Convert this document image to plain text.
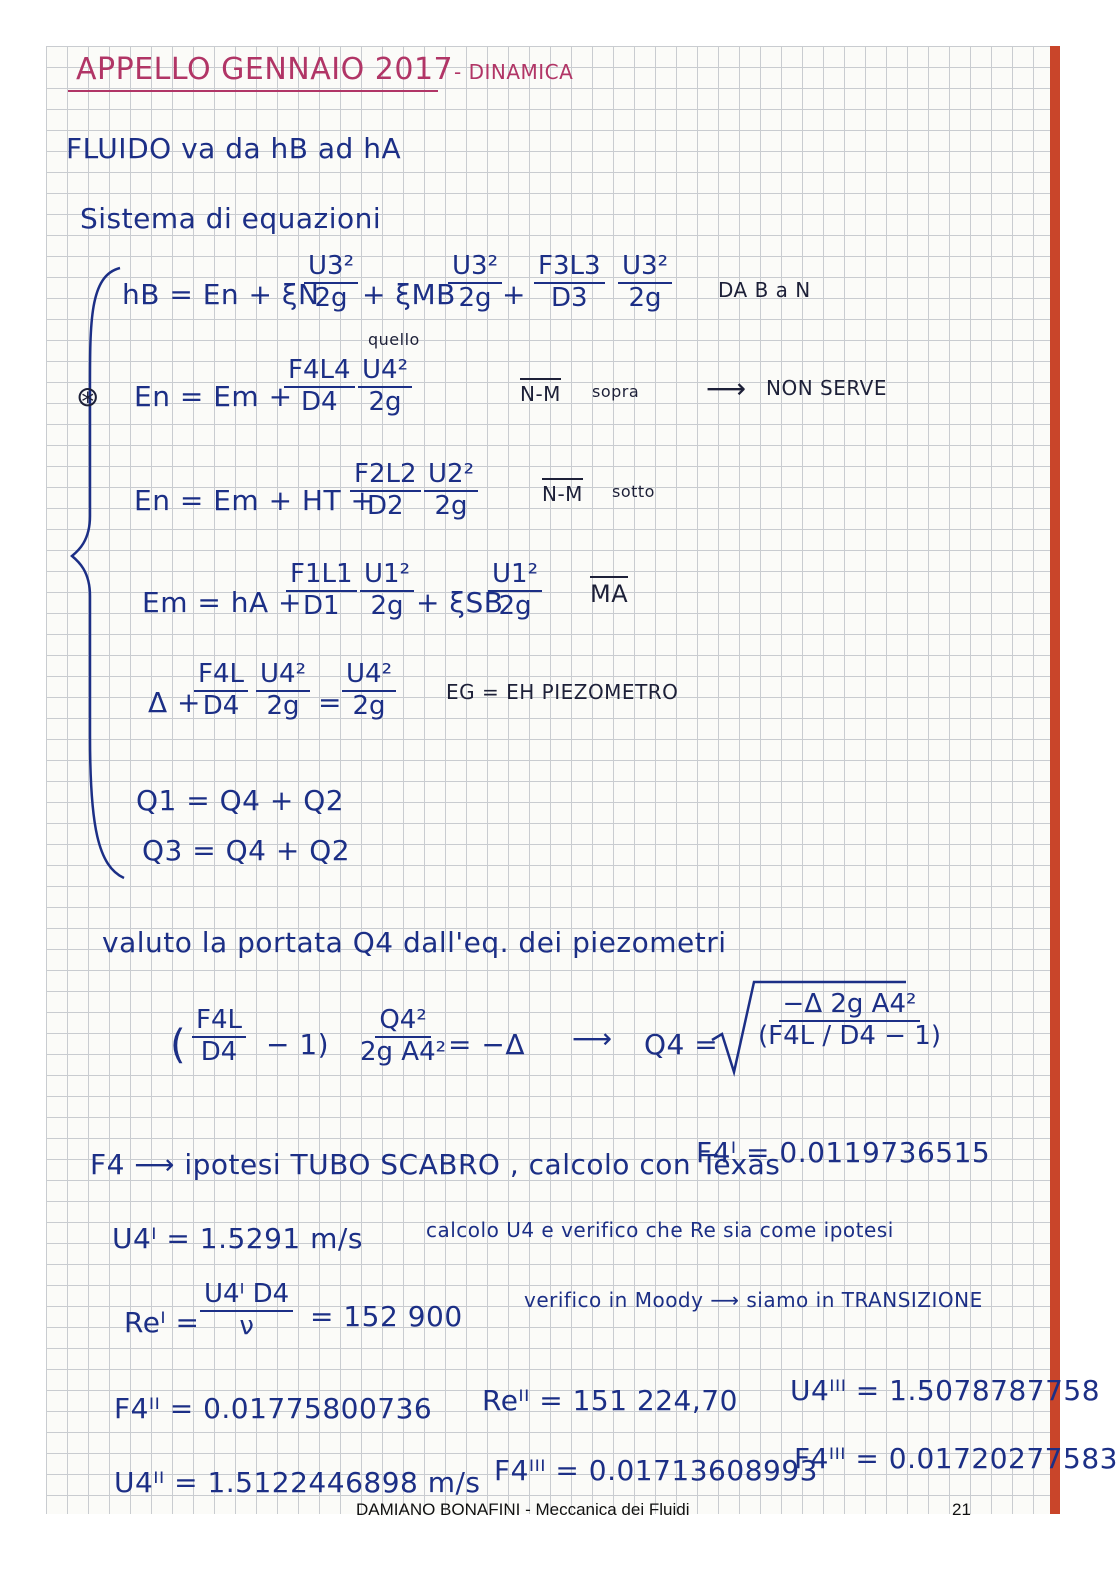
APPELLO GENNAIO 2017 - DINAMICA
FLUIDO va da hB ad hA
Sistema di equazioni
hB = En + ξN
$\frac{\text{U3²}}{2g} + \xi MB$
$\frac{\text{U3²}}{2g} + \frac{F3L3}{D3} \frac{\text{U3²}}{2g}$ DA B a N
quello
⊛ En = Em +
$\frac{F4L4}{D4} \frac{\text{U4²}}{2g}$	N-M sopra ⟶ NON SERVE
En = Em + HT +
$\frac{F2L2}{D2} \frac{\text{U2²}}{2g}$	N-M sotto
Em = hA +
$\frac{F1L1}{D1} \frac{\text{U1²}}{2g} + \xi SB$
$\frac{\text{U1²}}{2g}$ MA
Δ +
$\frac{F4L}{D4} \frac{\text{U4²}}{2g} = \frac{\text{U4²}}{2g}$	EG = EH PIEZOMETRO
Q1 = Q4 + Q2
Q3 = Q4 + Q2
valuto la portata Q4 dall'eq. dei piezometri
( $\frac{F4L}{D4} - 1) \frac{\text{Q4²}}{\text{2g A4²}}$
= −Δ ⟶ $Q4 = \frac{\text{−Δ 2g A4²}}{(F4L / D4 - 1)}$
F4 ⟶ ipotesi TUBO SCABRO , calcolo con Texas
F4ᴵ = 0.0119736515
U4ᴵ = 1.5291 m/s	calcolo U4 e verifico che Re sia come ipotesi
Reᴵ = $\frac{\text{U4ᴵ D4}}{\nu} = 152$ 900	verifico in Moody ⟶ siamo in TRANSIZIONE
F4ᴵᴵ = 0.01775800736 Reᴵᴵ = 151 224,70 U4ᴵᴵᴵ = 1.5078787758
U4ᴵᴵ = 1.5122446898 m/s F4ᴵᴵᴵ = 0.01713608993
F4ᴵᴵᴵ = 0.01720277583
DAMIANO BONAFINI - Meccanica dei Fluidi	21
